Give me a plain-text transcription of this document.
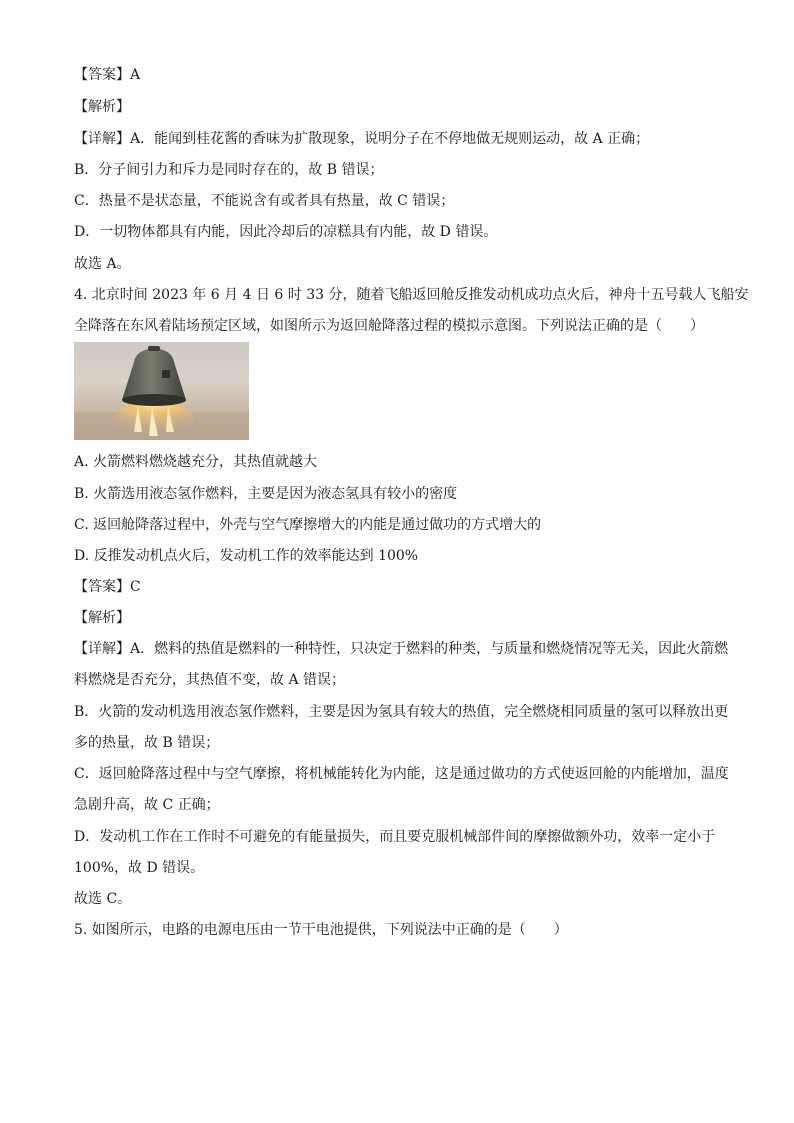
【答案】A
【解析】
【详解】A．能闻到桂花酱的香味为扩散现象，说明分子在不停地做无规则运动，故 A 正确；
B．分子间引力和斥力是同时存在的，故 B 错误；
C．热量不是状态量，不能说含有或者具有热量，故 C 错误；
D．一切物体都具有内能，因此冷却后的凉糕具有内能，故 D 错误。
故选 A。
4. 北京时间 2023 年 6 月 4 日 6 时 33 分，随着飞船返回舱反推发动机成功点火后，神舟十五号载人飞船安
全降落在东风着陆场预定区域，如图所示为返回舱降落过程的模拟示意图。下列说法正确的是（　　）
A. 火箭燃料燃烧越充分，其热值就越大
B. 火箭选用液态氢作燃料，主要是因为液态氢具有较小的密度
C. 返回舱降落过程中，外壳与空气摩擦增大的内能是通过做功的方式增大的
D. 反推发动机点火后，发动机工作的效率能达到 100%
【答案】C
【解析】
【详解】A．燃料的热值是燃料的一种特性，只决定于燃料的种类，与质量和燃烧情况等无关，因此火箭燃
料燃烧是否充分，其热值不变，故 A 错误；
B．火箭的发动机选用液态氢作燃料，主要是因为氢具有较大的热值，完全燃烧相同质量的氢可以释放出更
多的热量，故 B 错误；
C．返回舱降落过程中与空气摩擦，将机械能转化为内能，这是通过做功的方式使返回舱的内能增加，温度
急剧升高，故 C 正确；
D．发动机工作在工作时不可避免的有能量损失，而且要克服机械部件间的摩擦做额外功，效率一定小于
100%，故 D 错误。
故选 C。
5. 如图所示，电路的电源电压由一节干电池提供，下列说法中正确的是（　　）
